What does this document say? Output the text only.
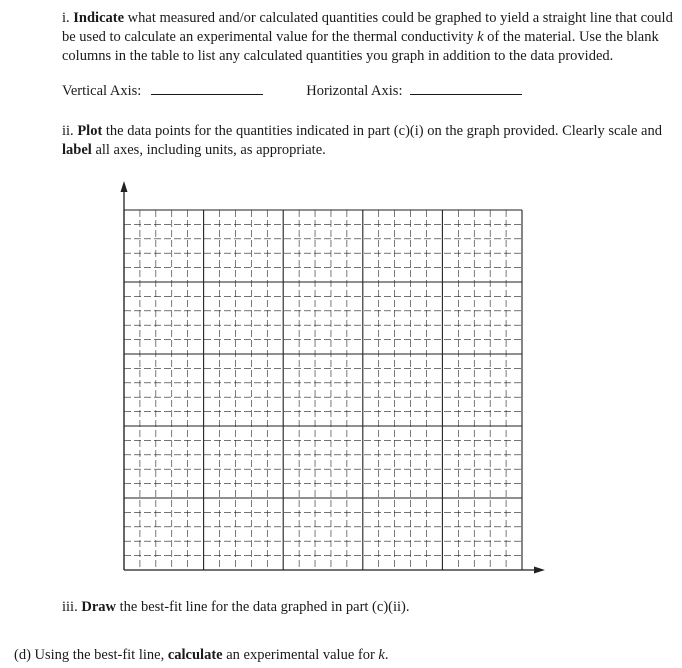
i. Indicate what measured and/or calculated quantities could be graphed to yield a straight line that could be used to calculate an experimental value for the thermal conductivity k of the material. Use the blank columns in the table to list any calculated quantities you graph in addition to the data provided.

Vertical Axis:	Horizontal Axis:

ii. Plot the data points for the quantities indicated in part (c)(i) on the graph provided. Clearly scale and label all axes, including units, as appropriate.

iii. Draw the best-fit line for the data graphed in part (c)(ii).

(d) Using the best-fit line, calculate an experimental value for k.
